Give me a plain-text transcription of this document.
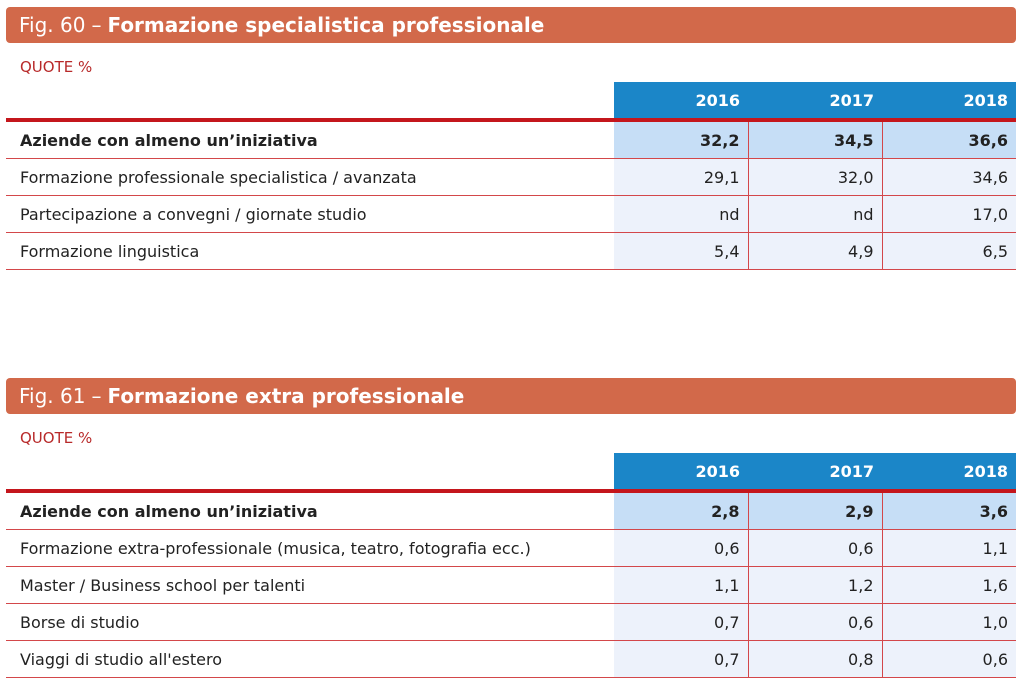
Fig. 60 – Formazione specialistica professionale
QUOTE %
	2016	2017	2018
Aziende con almeno un’iniziativa	32,2	34,5	36,6
Formazione professionale specialistica / avanzata	29,1	32,0	34,6
Partecipazione a convegni / giornate studio	nd	nd	17,0
Formazione linguistica	5,4	4,9	6,5
Fig. 61 – Formazione extra professionale
QUOTE %
	2016	2017	2018
Aziende con almeno un’iniziativa	2,8	2,9	3,6
Formazione extra-professionale (musica, teatro, fotografia ecc.)	0,6	0,6	1,1
Master / Business school per talenti	1,1	1,2	1,6
Borse di studio	0,7	0,6	1,0
Viaggi di studio all'estero	0,7	0,8	0,6
